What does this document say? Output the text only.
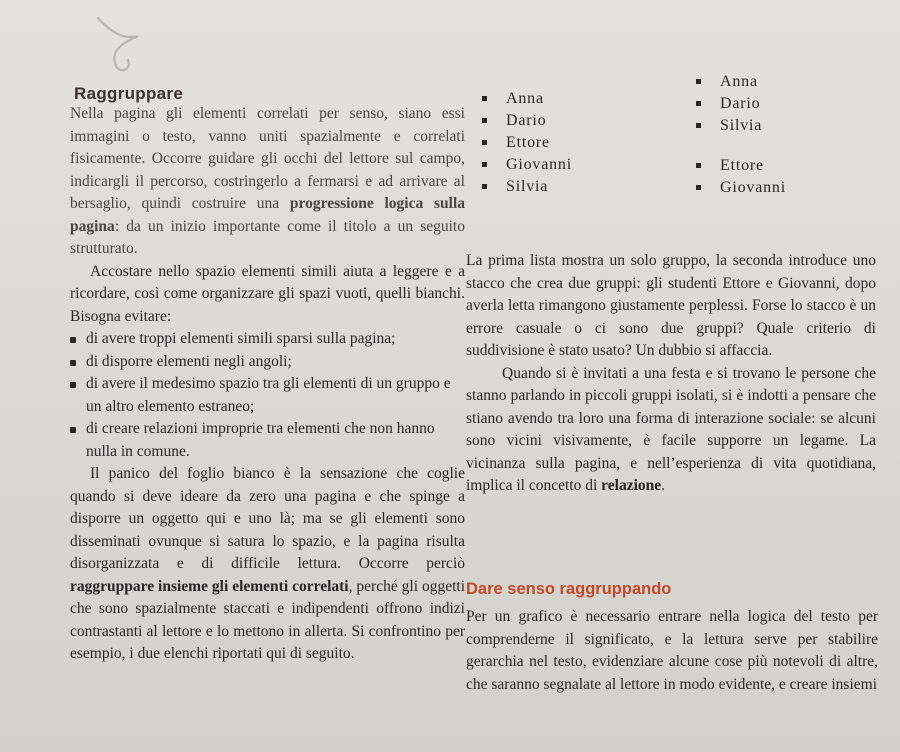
Raggruppare

Nella pagina gli elementi correlati per senso, siano essi immagini o testo, vanno uniti spazialmente e correlati fisicamente. Occorre guidare gli occhi del lettore sul campo, indicargli il percorso, costringerlo a fermarsi e ad arrivare al bersaglio, quindi costruire una progressione logica sulla pagina: da un inizio importante come il titolo a un seguito strutturato.

Accostare nello spazio elementi simili aiuta a leggere e a ricordare, così come organizzare gli spazi vuoti, quelli bianchi. Bisogna evitare:

di avere troppi elementi simili sparsi sulla pagina;
di disporre elementi negli angoli;
di avere il medesimo spazio tra gli elementi di un gruppo e un altro elemento estraneo;
di creare relazioni improprie tra elementi che non hanno nulla in comune.

Il panico del foglio bianco è la sensazione che coglie quando si deve ideare da zero una pagina e che spinge a disporre un oggetto qui e uno là; ma se gli elementi sono disseminati ovunque si satura lo spazio, e la pagina risulta disorganizzata e di difficile lettura. Occorre perciò raggruppare insieme gli elementi correlati, perché gli oggetti che sono spazialmente staccati e indipendenti offrono indizi contrastanti al lettore e lo mettono in allerta. Si confrontino per esempio, i due elenchi riportati qui di seguito.

Anna
Dario
Ettore
Giovanni
Silvia
Anna
Dario
Silvia
Ettore
Giovanni

La prima lista mostra un solo gruppo, la seconda introduce uno stacco che crea due gruppi: gli studenti Ettore e Giovanni, dopo averla letta rimangono giustamente perplessi. Forse lo stacco è un errore casuale o ci sono due gruppi? Quale criterio di suddivisione è stato usato? Un dubbio si affaccia.

Quando si è invitati a una festa e si trovano le persone che stanno parlando in piccoli gruppi isolati, si è indotti a pensare che stiano avendo tra loro una forma di interazione sociale: se alcuni sono vicini visivamente, è facile supporre un legame. La vicinanza sulla pagina, e nell’esperienza di vita quotidiana, implica il concetto di relazione.

Dare senso raggruppando

Per un grafico è necessario entrare nella logica del testo per comprenderne il significato, e la lettura serve per stabilire gerarchia nel testo, evidenziare alcune cose più notevoli di altre, che saranno segnalate al lettore in modo evidente, e creare insiemi
